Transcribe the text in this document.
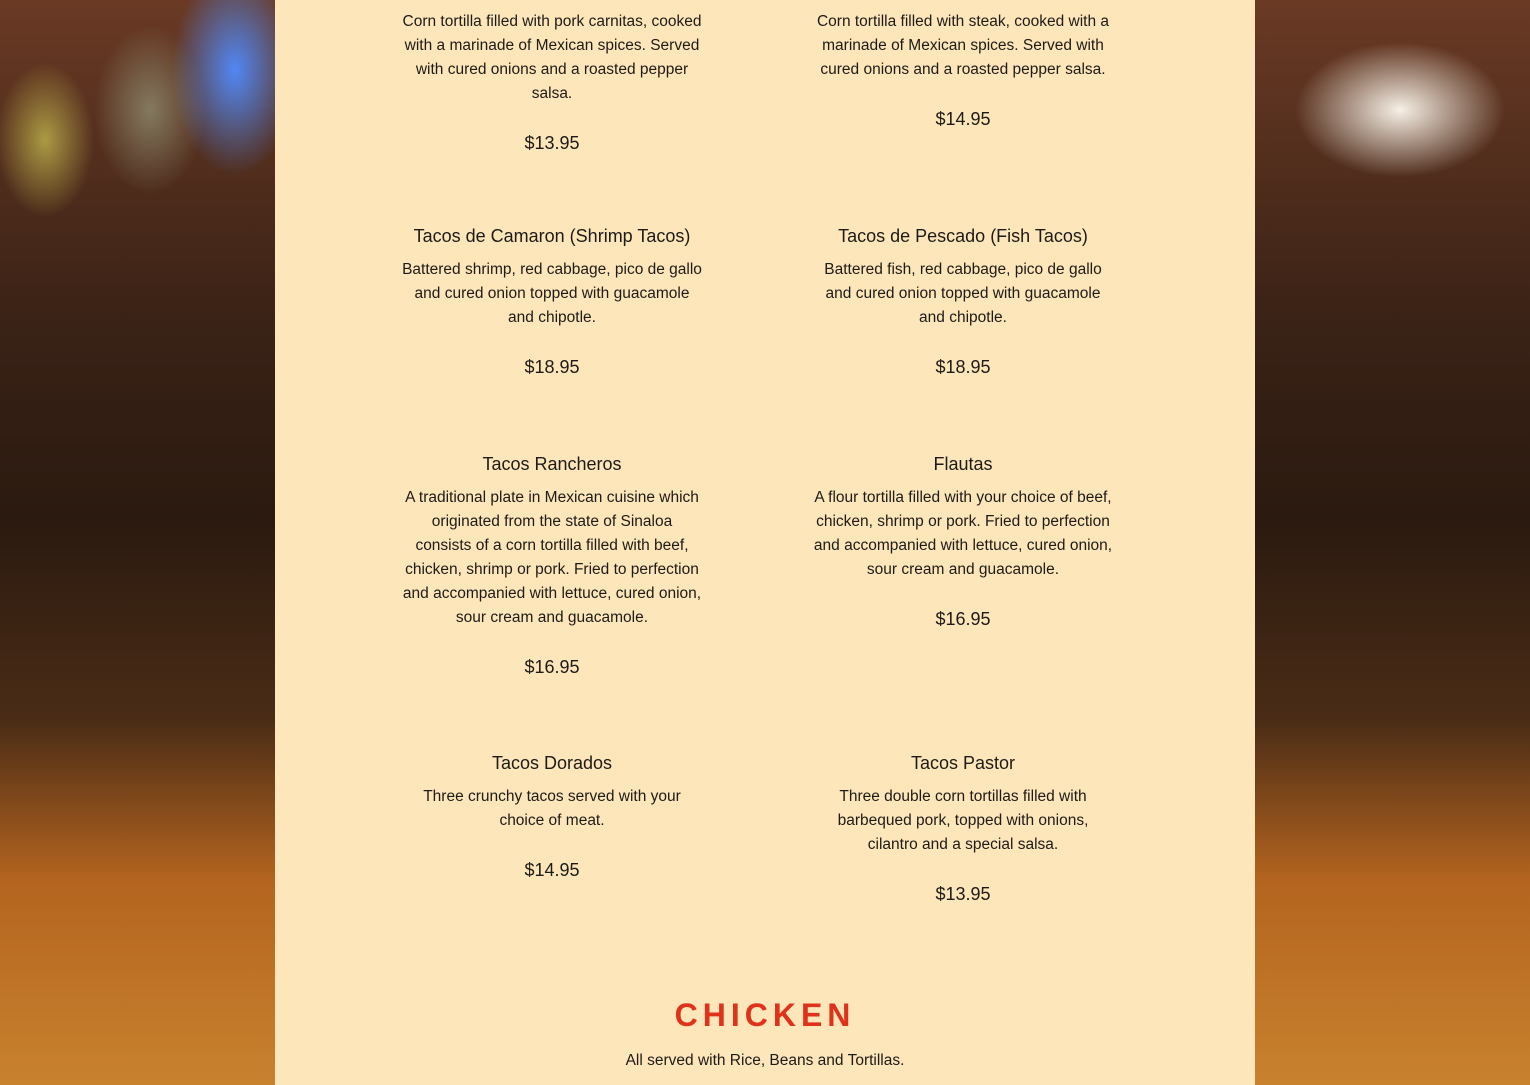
Corn tortilla filled with pork carnitas, cooked with a marinade of Mexican spices. Served with cured onions and a roasted pepper salsa.

$13.95

Corn tortilla filled with steak, cooked with a marinade of Mexican spices. Served with cured onions and a roasted pepper salsa.

$14.95
Tacos de Camaron (Shrimp Tacos)

Battered shrimp, red cabbage, pico de gallo and cured onion topped with guacamole and chipotle.

$18.95
Tacos de Pescado (Fish Tacos)

Battered fish, red cabbage, pico de gallo and cured onion topped with guacamole and chipotle.

$18.95
Tacos Rancheros

A traditional plate in Mexican cuisine which originated from the state of Sinaloa consists of a corn tortilla filled with beef, chicken, shrimp or pork. Fried to perfection and accompanied with lettuce, cured onion, sour cream and guacamole.

$16.95
Flautas

A flour tortilla filled with your choice of beef, chicken, shrimp or pork. Fried to perfection and accompanied with lettuce, cured onion, sour cream and guacamole.

$16.95
Tacos Dorados

Three crunchy tacos served with your choice of meat.

$14.95
Tacos Pastor

Three double corn tortillas filled with barbequed pork, topped with onions, cilantro and a special salsa.

$13.95
CHICKEN

All served with Rice, Beans and Tortillas.
